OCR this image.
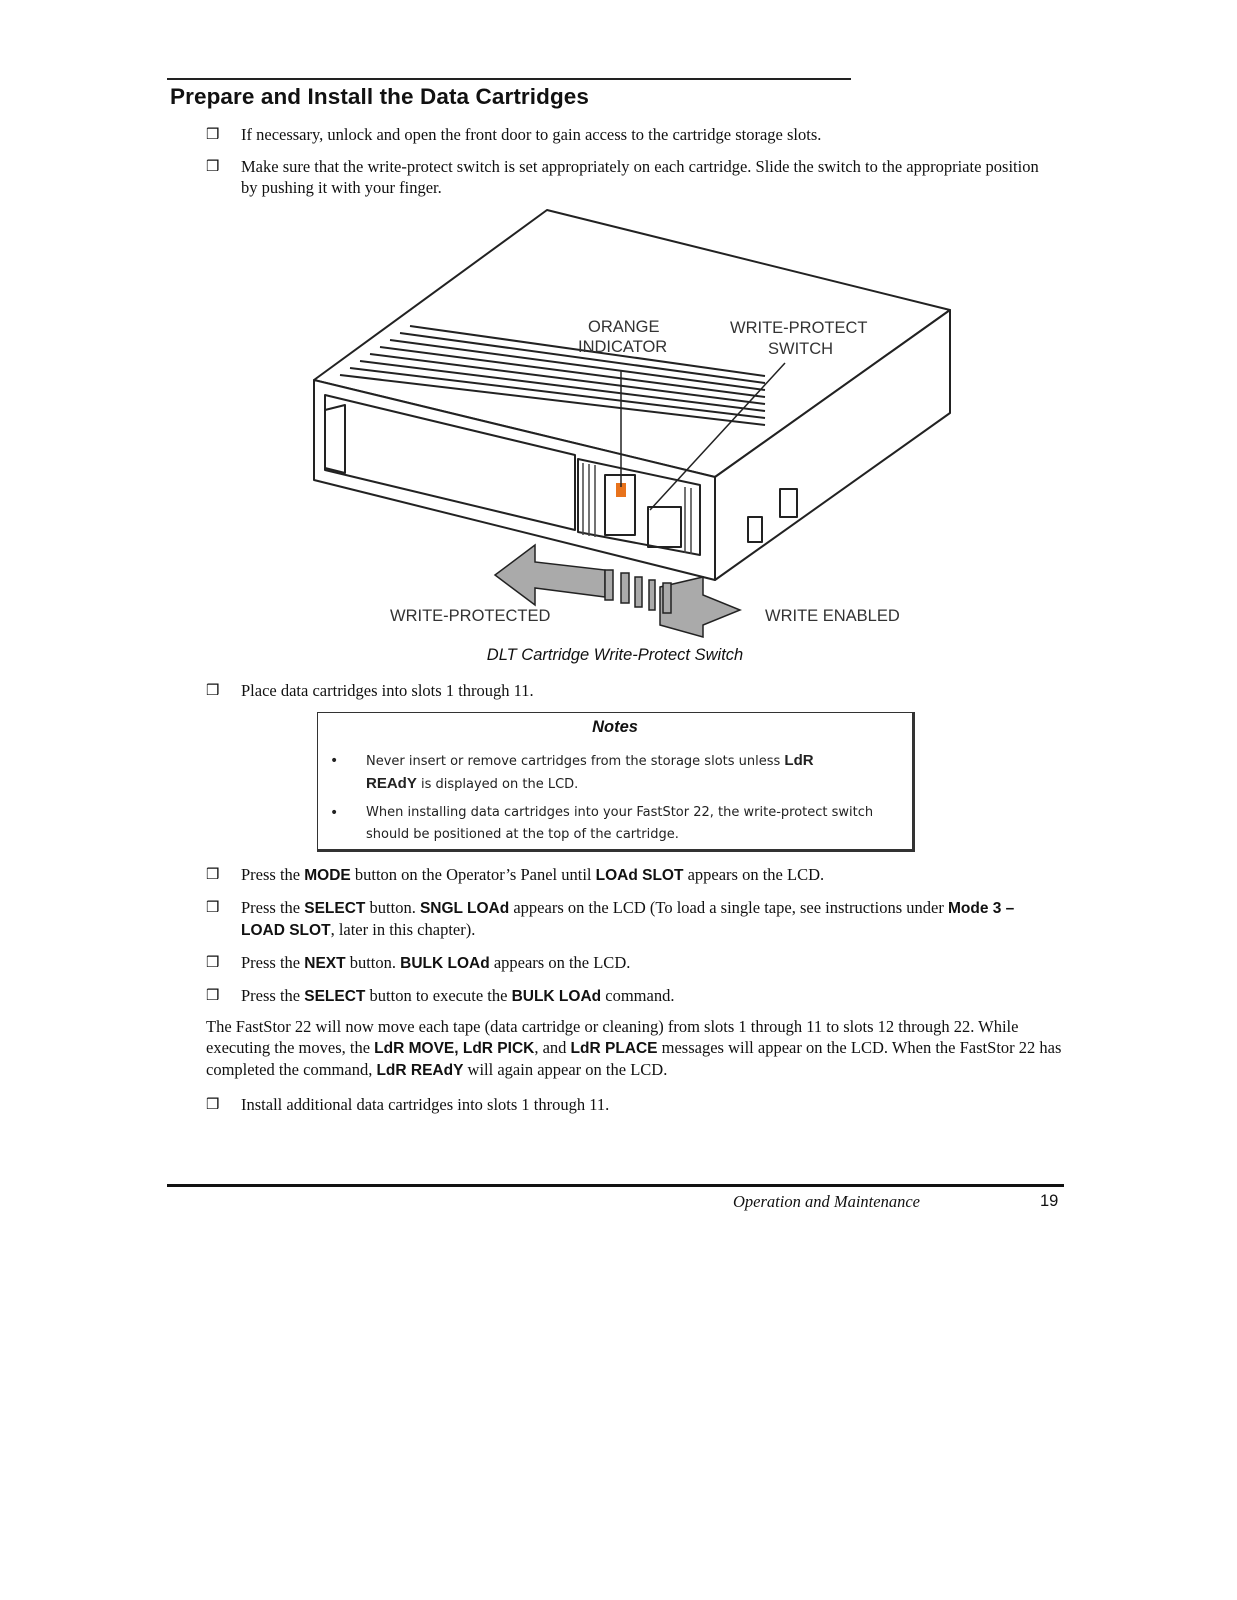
Prepare and Install the Data Cartridges
❒ If necessary, unlock and open the front door to gain access to the cartridge storage slots.
❒ Make sure that the write-protect switch is set appropriately on each cartridge. Slide the switch to the appropriate position by pushing it with your finger.
ORANGE
INDICATOR
WRITE-PROTECT
SWITCH
WRITE-PROTECTED	WRITE ENABLED
DLT Cartridge Write-Protect Switch
❒ Place data cartridges into slots 1 through 11.
Notes
• Never insert or remove cartridges from the storage slots unless LdR
REAdY is displayed on the LCD.
• When installing data cartridges into your FastStor 22, the write-protect switch should be positioned at the top of the cartridge.
❒ Press the MODE button on the Operator’s Panel until LOAd SLOT appears on the LCD.
❒ Press the SELECT button. SNGL LOAd appears on the LCD (To load a single tape, see instructions under Mode 3 – LOAD SLOT, later in this chapter).
❒ Press the NEXT button. BULK LOAd appears on the LCD.
❒ Press the SELECT button to execute the BULK LOAd command.
The FastStor 22 will now move each tape (data cartridge or cleaning) from slots 1 through 11 to slots 12 through 22. While executing the moves, the LdR MOVE, LdR PICK, and LdR PLACE messages will appear on the LCD. When the FastStor 22 has completed the command, LdR REAdY will again appear on the LCD.
❒ Install additional data cartridges into slots 1 through 11.
Operation and Maintenance	19
